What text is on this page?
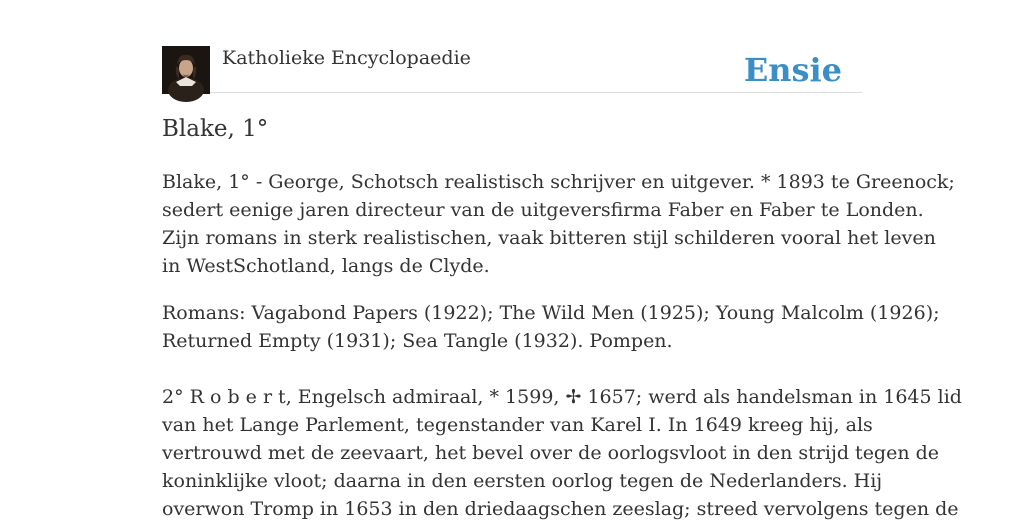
Katholieke Encyclopaedie	Ensie
Blake, 1°

Blake, 1° - George, Schotsch realistisch schrijver en uitgever. * 1893 te Greenock;

sedert eenige jaren directeur van de uitgeversfirma Faber en Faber te Londen.

Zijn romans in sterk realistischen, vaak bitteren stijl schilderen vooral het leven

in WestSchotland, langs de Clyde.

Romans: Vagabond Papers (1922); The Wild Men (1925); Young Malcolm (1926);

Returned Empty (1931); Sea Tangle (1932). Pompen.

2° R o b e r t, Engelsch admiraal, * 1599, ✢ 1657; werd als handelsman in 1645 lid

van het Lange Parlement, tegenstander van Karel I. In 1649 kreeg hij, als

vertrouwd met de zeevaart, het bevel over de oorlogsvloot in den strijd tegen de

koninklijke vloot; daarna in den eersten oorlog tegen de Nederlanders. Hij

overwon Tromp in 1653 in den driedaagschen zeeslag; streed vervolgens tegen de
